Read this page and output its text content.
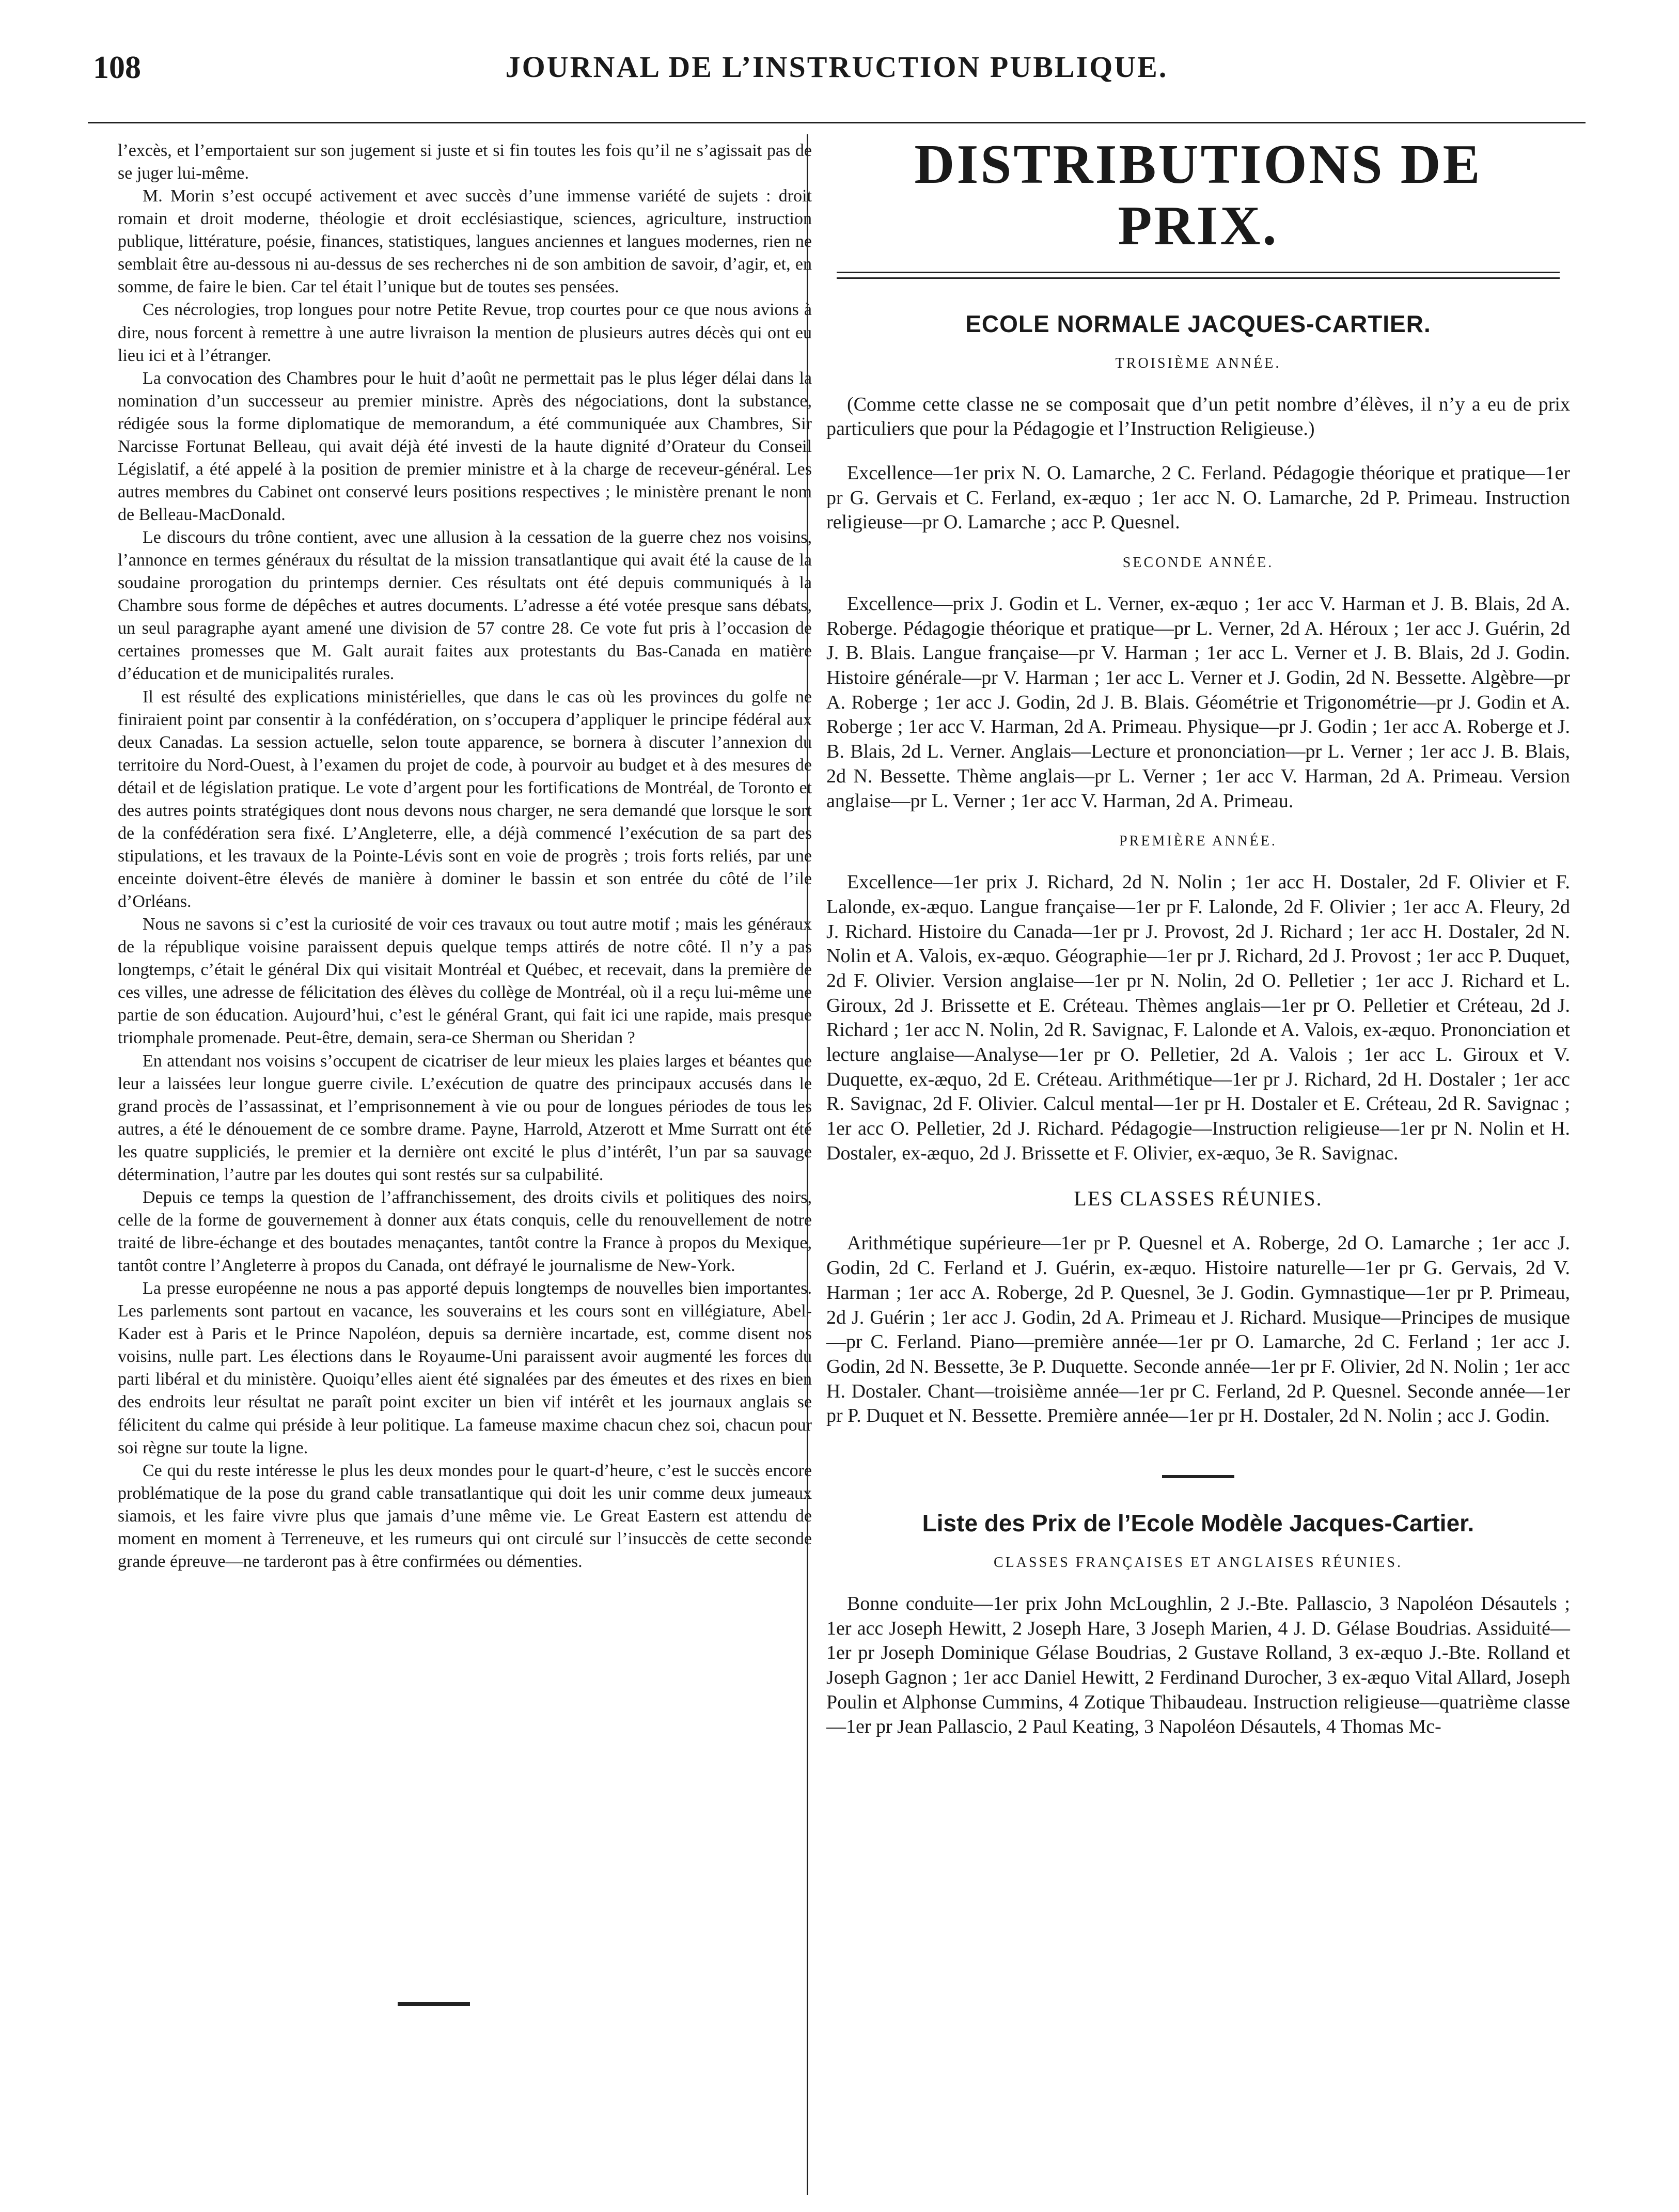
108	JOURNAL DE L’INSTRUCTION PUBLIQUE.

l’excès, et l’emportaient sur son jugement si juste et si fin toutes les fois qu’il ne s’agissait pas de se juger lui-même.

M. Morin s’est occupé activement et avec succès d’une immense variété de sujets : droit romain et droit moderne, théologie et droit ecclésiastique, sciences, agriculture, instruction publique, littérature, poésie, finances, statistiques, langues anciennes et langues modernes, rien ne semblait être au-dessous ni au-dessus de ses recherches ni de son ambition de savoir, d’agir, et, en somme, de faire le bien. Car tel était l’unique but de toutes ses pensées.

Ces nécrologies, trop longues pour notre Petite Revue, trop courtes pour ce que nous avions à dire, nous forcent à remettre à une autre livraison la mention de plusieurs autres décès qui ont eu lieu ici et à l’étranger.

La convocation des Chambres pour le huit d’août ne permettait pas le plus léger délai dans la nomination d’un successeur au premier ministre. Après des négociations, dont la substance, rédigée sous la forme diplomatique de memorandum, a été communiquée aux Chambres, Sir Narcisse Fortunat Belleau, qui avait déjà été investi de la haute dignité d’Orateur du Conseil Législatif, a été appelé à la position de premier ministre et à la charge de receveur-général. Les autres membres du Cabinet ont conservé leurs positions respectives ; le ministère prenant le nom de Belleau-MacDonald.

Le discours du trône contient, avec une allusion à la cessation de la guerre chez nos voisins, l’annonce en termes généraux du résultat de la mission transatlantique qui avait été la cause de la soudaine prorogation du printemps dernier. Ces résultats ont été depuis communiqués à la Chambre sous forme de dépêches et autres documents. L’adresse a été votée presque sans débats, un seul paragraphe ayant amené une division de 57 contre 28. Ce vote fut pris à l’occasion de certaines promesses que M. Galt aurait faites aux protestants du Bas-Canada en matière d’éducation et de municipalités rurales.

Il est résulté des explications ministérielles, que dans le cas où les provinces du golfe ne finiraient point par consentir à la confédération, on s’occupera d’appliquer le principe fédéral aux deux Canadas. La session actuelle, selon toute apparence, se bornera à discuter l’annexion du territoire du Nord-Ouest, à l’examen du projet de code, à pourvoir au budget et à des mesures de détail et de législation pratique. Le vote d’argent pour les fortifications de Montréal, de Toronto et des autres points stratégiques dont nous devons nous charger, ne sera demandé que lorsque le sort de la confédération sera fixé. L’Angleterre, elle, a déjà commencé l’exécution de sa part des stipulations, et les travaux de la Pointe-Lévis sont en voie de progrès ; trois forts reliés, par une enceinte doivent-être élevés de manière à dominer le bassin et son entrée du côté de l’ile d’Orléans.

Nous ne savons si c’est la curiosité de voir ces travaux ou tout autre motif ; mais les généraux de la république voisine paraissent depuis quelque temps attirés de notre côté. Il n’y a pas longtemps, c’était le général Dix qui visitait Montréal et Québec, et recevait, dans la première de ces villes, une adresse de félicitation des élèves du collège de Montréal, où il a reçu lui-même une partie de son éducation. Aujourd’hui, c’est le général Grant, qui fait ici une rapide, mais presque triomphale promenade. Peut-être, demain, sera-ce Sherman ou Sheridan ?

En attendant nos voisins s’occupent de cicatriser de leur mieux les plaies larges et béantes que leur a laissées leur longue guerre civile. L’exécution de quatre des principaux accusés dans le grand procès de l’assassinat, et l’emprisonnement à vie ou pour de longues périodes de tous les autres, a été le dénouement de ce sombre drame. Payne, Harrold, Atzerott et Mme Surratt ont été les quatre suppliciés, le premier et la dernière ont excité le plus d’intérêt, l’un par sa sauvage détermination, l’autre par les doutes qui sont restés sur sa culpabilité.

Depuis ce temps la question de l’affranchissement, des droits civils et politiques des noirs, celle de la forme de gouvernement à donner aux états conquis, celle du renouvellement de notre traité de libre-échange et des boutades menaçantes, tantôt contre la France à propos du Mexique, tantôt contre l’Angleterre à propos du Canada, ont défrayé le journalisme de New-York.

La presse européenne ne nous a pas apporté depuis longtemps de nouvelles bien importantes. Les parlements sont partout en vacance, les souverains et les cours sont en villégiature, Abel-Kader est à Paris et le Prince Napoléon, depuis sa dernière incartade, est, comme disent nos voisins, nulle part. Les élections dans le Royaume-Uni paraissent avoir augmenté les forces du parti libéral et du ministère. Quoiqu’elles aient été signalées par des émeutes et des rixes en bien des endroits leur résultat ne paraît point exciter un bien vif intérêt et les journaux anglais se félicitent du calme qui préside à leur politique. La fameuse maxime chacun chez soi, chacun pour soi règne sur toute la ligne.

Ce qui du reste intéresse le plus les deux mondes pour le quart-d’heure, c’est le succès encore problématique de la pose du grand cable transatlantique qui doit les unir comme deux jumeaux siamois, et les faire vivre plus que jamais d’une même vie. Le Great Eastern est attendu de moment en moment à Terreneuve, et les rumeurs qui ont circulé sur l’insuccès de cette seconde grande épreuve—ne tarderont pas à être confirmées ou démenties.

DISTRIBUTIONS DE PRIX.
ECOLE NORMALE JACQUES-CARTIER.
TROISIÈME ANNÉE.

(Comme cette classe ne se composait que d’un petit nombre d’élèves, il n’y a eu de prix particuliers que pour la Pédagogie et l’Instruction Religieuse.)

Excellence—1er prix N. O. Lamarche, 2 C. Ferland. Pédagogie théorique et pratique—1er pr G. Gervais et C. Ferland, ex-æquo ; 1er acc N. O. Lamarche, 2d P. Primeau. Instruction religieuse—pr O. Lamarche ; acc P. Quesnel.

SECONDE ANNÉE.

Excellence—prix J. Godin et L. Verner, ex-æquo ; 1er acc V. Harman et J. B. Blais, 2d A. Roberge. Pédagogie théorique et pratique—pr L. Verner, 2d A. Héroux ; 1er acc J. Guérin, 2d J. B. Blais. Langue française—pr V. Harman ; 1er acc L. Verner et J. B. Blais, 2d J. Godin. Histoire générale—pr V. Harman ; 1er acc L. Verner et J. Godin, 2d N. Bessette. Algèbre—pr A. Roberge ; 1er acc J. Godin, 2d J. B. Blais. Géométrie et Trigonométrie—pr J. Godin et A. Roberge ; 1er acc V. Harman, 2d A. Primeau. Physique—pr J. Godin ; 1er acc A. Roberge et J. B. Blais, 2d L. Verner. Anglais—Lecture et prononciation—pr L. Verner ; 1er acc J. B. Blais, 2d N. Bessette. Thème anglais—pr L. Verner ; 1er acc V. Harman, 2d A. Primeau. Version anglaise—pr L. Verner ; 1er acc V. Harman, 2d A. Primeau.

PREMIÈRE ANNÉE.

Excellence—1er prix J. Richard, 2d N. Nolin ; 1er acc H. Dostaler, 2d F. Olivier et F. Lalonde, ex-æquo. Langue française—1er pr F. Lalonde, 2d F. Olivier ; 1er acc A. Fleury, 2d J. Richard. Histoire du Canada—1er pr J. Provost, 2d J. Richard ; 1er acc H. Dostaler, 2d N. Nolin et A. Valois, ex-æquo. Géographie—1er pr J. Richard, 2d J. Provost ; 1er acc P. Duquet, 2d F. Olivier. Version anglaise—1er pr N. Nolin, 2d O. Pelletier ; 1er acc J. Richard et L. Giroux, 2d J. Brissette et E. Créteau. Thèmes anglais—1er pr O. Pelletier et Créteau, 2d J. Richard ; 1er acc N. Nolin, 2d R. Savignac, F. Lalonde et A. Valois, ex-æquo. Prononciation et lecture anglaise—Analyse—1er pr O. Pelletier, 2d A. Valois ; 1er acc L. Giroux et V. Duquette, ex-æquo, 2d E. Créteau. Arithmétique—1er pr J. Richard, 2d H. Dostaler ; 1er acc R. Savignac, 2d F. Olivier. Calcul mental—1er pr H. Dostaler et E. Créteau, 2d R. Savignac ; 1er acc O. Pelletier, 2d J. Richard. Pédagogie—Instruction religieuse—1er pr N. Nolin et H. Dostaler, ex-æquo, 2d J. Brissette et F. Olivier, ex-æquo, 3e R. Savignac.

LES CLASSES RÉUNIES.

Arithmétique supérieure—1er pr P. Quesnel et A. Roberge, 2d O. Lamarche ; 1er acc J. Godin, 2d C. Ferland et J. Guérin, ex-æquo. Histoire naturelle—1er pr G. Gervais, 2d V. Harman ; 1er acc A. Roberge, 2d P. Quesnel, 3e J. Godin. Gymnastique—1er pr P. Primeau, 2d J. Guérin ; 1er acc J. Godin, 2d A. Primeau et J. Richard. Musique—Principes de musique—pr C. Ferland. Piano—première année—1er pr O. Lamarche, 2d C. Ferland ; 1er acc J. Godin, 2d N. Bessette, 3e P. Duquette. Seconde année—1er pr F. Olivier, 2d N. Nolin ; 1er acc H. Dostaler. Chant—troisième année—1er pr C. Ferland, 2d P. Quesnel. Seconde année—1er pr P. Duquet et N. Bessette. Première année—1er pr H. Dostaler, 2d N. Nolin ; acc J. Godin.

Liste des Prix de l’Ecole Modèle Jacques-Cartier.
CLASSES FRANÇAISES ET ANGLAISES RÉUNIES.

Bonne conduite—1er prix John McLoughlin, 2 J.-Bte. Pallascio, 3 Napoléon Désautels ; 1er acc Joseph Hewitt, 2 Joseph Hare, 3 Joseph Marien, 4 J. D. Gélase Boudrias. Assiduité—1er pr Joseph Dominique Gélase Boudrias, 2 Gustave Rolland, 3 ex-æquo J.-Bte. Rolland et Joseph Gagnon ; 1er acc Daniel Hewitt, 2 Ferdinand Durocher, 3 ex-æquo Vital Allard, Joseph Poulin et Alphonse Cummins, 4 Zotique Thibaudeau. Instruction religieuse—quatrième classe—1er pr Jean Pallascio, 2 Paul Keating, 3 Napoléon Désautels, 4 Thomas Mc-
